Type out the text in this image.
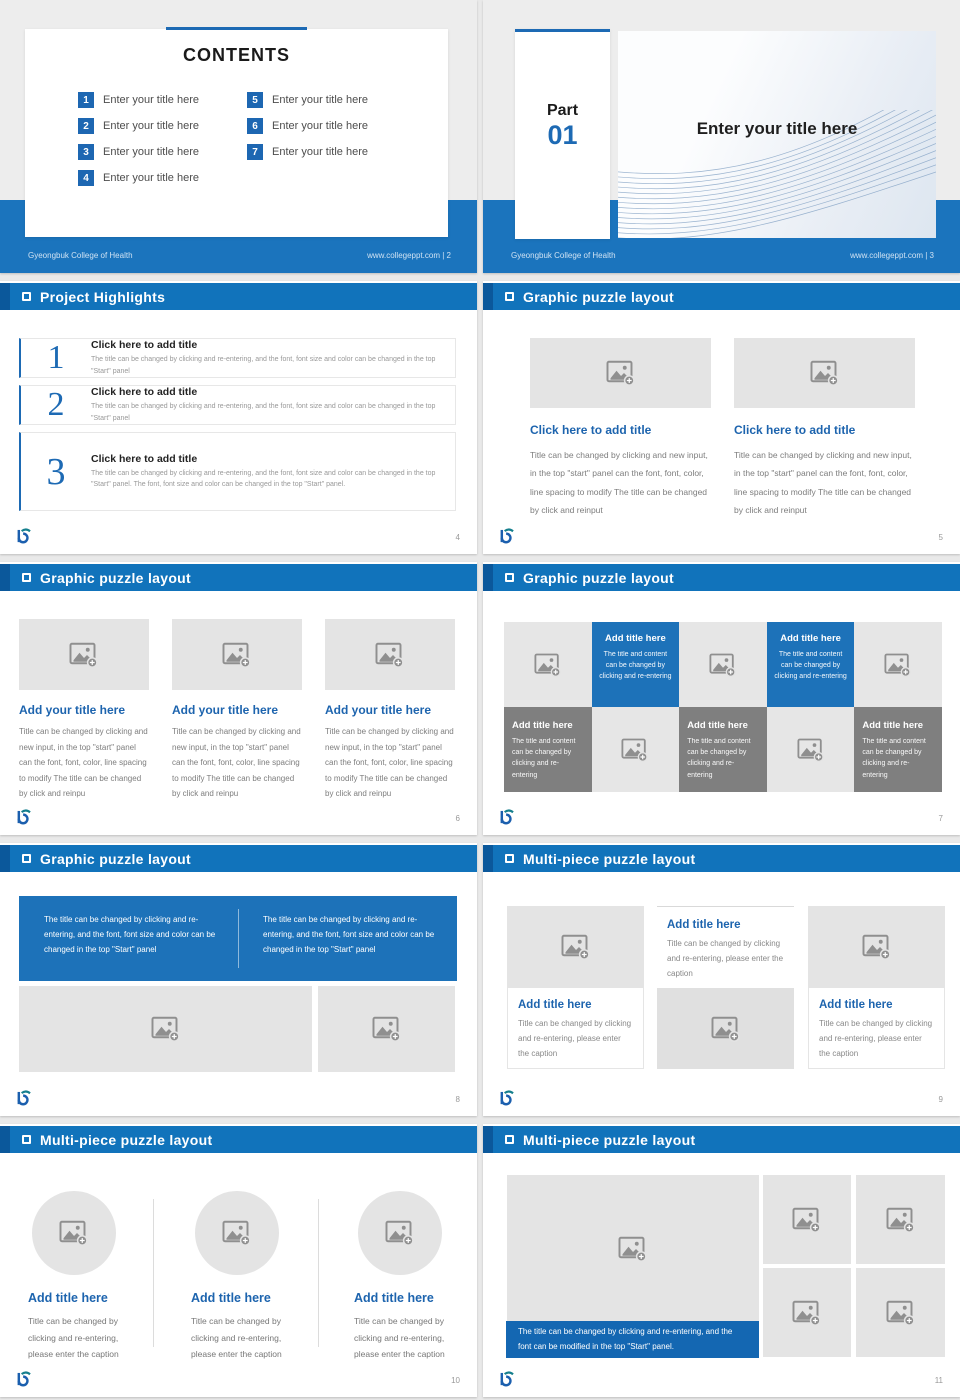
CONTENTS
1	Enter your title here
2	Enter your title here
3	Enter your title here
4	Enter your title here
5	Enter your title here
6	Enter your title here
7	Enter your title here
Gyeongbuk College of Health	www.collegeppt.com | 2
Part
01	Enter your title here
Gyeongbuk College of Health	www.collegeppt.com | 3
Project Highlights
1	Click here to add title
The title can be changed by clicking and re-entering, and the font, font size and color can be changed in the top "Start" panel
2	Click here to add title
The title can be changed by clicking and re-entering, and the font, font size and color can be changed in the top "Start" panel
3	Click here to add title
The title can be changed by clicking and re-entering, and the font, font size and color can be changed in the top "Start" panel. The font, font size and color can be changed in the top "Start" panel.
4
Graphic puzzle layout
Click here to add title
Title can be changed by clicking and new input, in the top "start" panel can the font, font, color, line spacing to modify The title can be changed by click and reinput
Click here to add title
Title can be changed by clicking and new input, in the top "start" panel can the font, font, color, line spacing to modify The title can be changed by click and reinput
5
Graphic puzzle layout
Add your title here
Title can be changed by clicking and new input, in the top "start" panel can the font, font, color, line spacing to modify The title can be changed by click and reinpu
Add your title here
Title can be changed by clicking and new input, in the top "start" panel can the font, font, color, line spacing to modify The title can be changed by click and reinpu
Add your title here
Title can be changed by clicking and new input, in the top "start" panel can the font, font, color, line spacing to modify The title can be changed by click and reinpu
6
Graphic puzzle layout
Add title here
The title and content can be changed by clicking and re-entering
Add title here
The title and content can be changed by clicking and re-entering
Add title here
The title and content can be changed by clicking and re-entering
Add title here
The title and content can be changed by clicking and re-entering
Add title here
The title and content can be changed by clicking and re-entering
7
Graphic puzzle layout
The title can be changed by clicking and re-entering, and the font, font size and color can be changed in the top "Start" panel
The title can be changed by clicking and re-entering, and the font, font size and color can be changed in the top "Start" panel
8
Multi-piece puzzle layout
Add title here
Title can be changed by clicking and re-entering, please enter the caption
Add title here
Title can be changed by clicking and re-entering, please enter the caption
Add title here
Title can be changed by clicking and re-entering, please enter the caption
9
Multi-piece puzzle layout
Add title here
Title can be changed by clicking and re-entering, please enter the caption
Add title here
Title can be changed by clicking and re-entering, please enter the caption
Add title here
Title can be changed by clicking and re-entering, please enter the caption
10
Multi-piece puzzle layout
The title can be changed by clicking and re-entering, and the font can be modified in the top "Start" panel.
11
